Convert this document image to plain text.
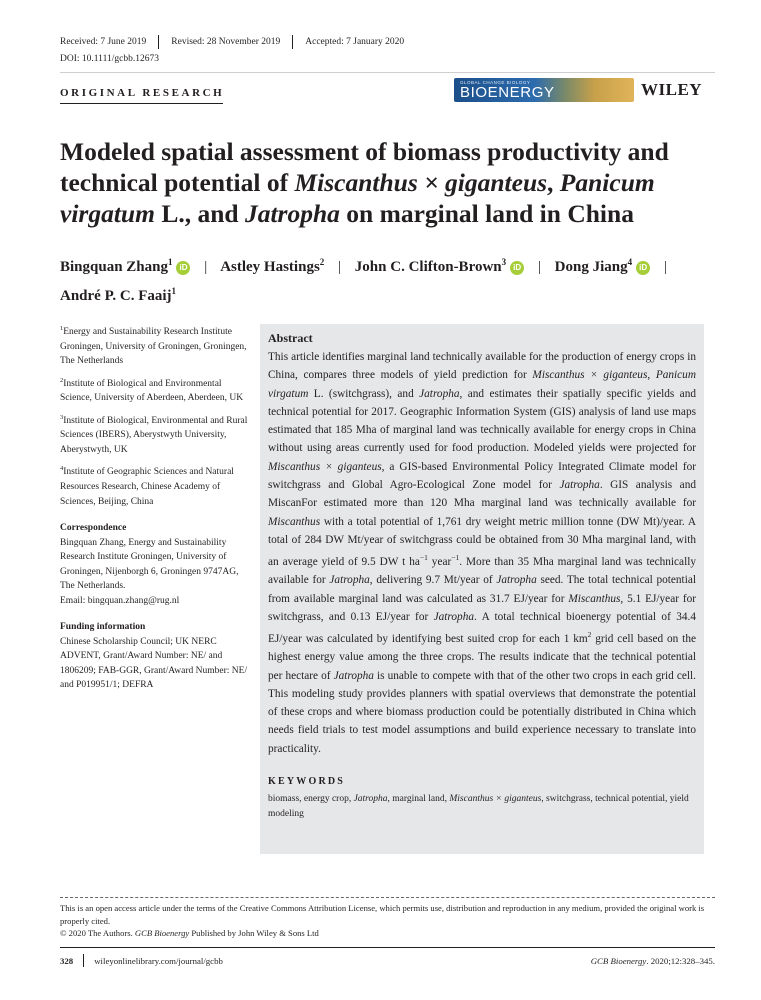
Received: 7 June 2019	Revised: 28 November 2019	Accepted: 7 January 2020
DOI: 10.1111/gcbb.12673
ORIGINAL RESEARCH
GLOBAL CHANGE BIOLOGY
BIOENERGY	WILEY
Modeled spatial assessment of biomass productivity and technical potential of Miscanthus × giganteus, Panicum virgatum L., and Jatropha on marginal land in China
Bingquan Zhang$^1$iD | Astley Hastings$^2$ | John C. Clifton-Brown$^3$iD | Dong Jiang$^4$iD |
André P. C. Faaij$^1$

$^1$Energy and Sustainability Research Institute Groningen, University of Groningen, Groningen, The Netherlands

$^2$Institute of Biological and Environmental Science, University of Aberdeen, Aberdeen, UK

$^3$Institute of Biological, Environmental and Rural Sciences (IBERS), Aberystwyth University, Aberystwyth, UK

$^4$Institute of Geographic Sciences and Natural Resources Research, Chinese Academy of Sciences, Beijing, China

Correspondence

Bingquan Zhang, Energy and Sustainability Research Institute Groningen, University of Groningen, Nijenborgh 6, Groningen 9747AG, The Netherlands.
Email: bingquan.zhang@rug.nl

Funding information

Chinese Scholarship Council; UK NERC ADVENT, Grant/Award Number: NE/ and 1806209; FAB-GGR, Grant/Award Number: NE/ and P019951/1; DEFRA

Abstract
This article identifies marginal land technically available for the production of energy crops in China, compares three models of yield prediction for Miscanthus × giganteus, Panicum virgatum L. (switchgrass), and Jatropha, and estimates their spatially specific yields and technical potential for 2017. Geographic Information System (GIS) analysis of land use maps estimated that 185 Mha of marginal land was technically available for energy crops in China without using areas currently used for food production. Modeled yields were projected for Miscanthus × giganteus, a GIS-based Environmental Policy Integrated Climate model for switchgrass and Global Agro-Ecological Zone model for Jatropha. GIS analysis and MiscanFor estimated more than 120 Mha marginal land was technically available for Miscanthus with a total potential of 1,761 dry weight metric million tonne (DW Mt)/year. A total of 284 DW Mt/year of switchgrass could be obtained from 30 Mha marginal land, with an average yield of 9.5 DW t $ha^{-1}$ year$^{-1}$. More than 35 Mha marginal land was technically available for Jatropha, delivering 9.7 Mt/year of Jatropha seed. The total technical potential from available marginal land was calculated as 31.7 EJ/year for Miscanthus, 5.1 EJ/year for switchgrass, and 0.13 EJ/year for Jatropha. A total technical bioenergy potential of 34.4 EJ/year was calculated by identifying best suited crop for each 1 $km^2$ grid cell based on the highest energy value among the three crops. The results indicate that the technical potential per hectare of Jatropha is unable to compete with that of the other two crops in each grid cell. This modeling study provides planners with spatial overviews that demonstrate the potential of these crops and where biomass production could be potentially distributed in China which needs field trials to test model assumptions and build experience necessary to translate into practicality.
KEYWORDS
biomass, energy crop, Jatropha, marginal land, Miscanthus × giganteus, switchgrass, technical potential, yield modeling
This is an open access article under the terms of the Creative Commons Attribution License, which permits use, distribution and reproduction in any medium, provided the original work is properly cited.
© 2020 The Authors. GCB Bioenergy Published by John Wiley & Sons Ltd
328 wileyonlinelibrary.com/journal/gcbb	GCB Bioenergy. 2020;12:328–345.
